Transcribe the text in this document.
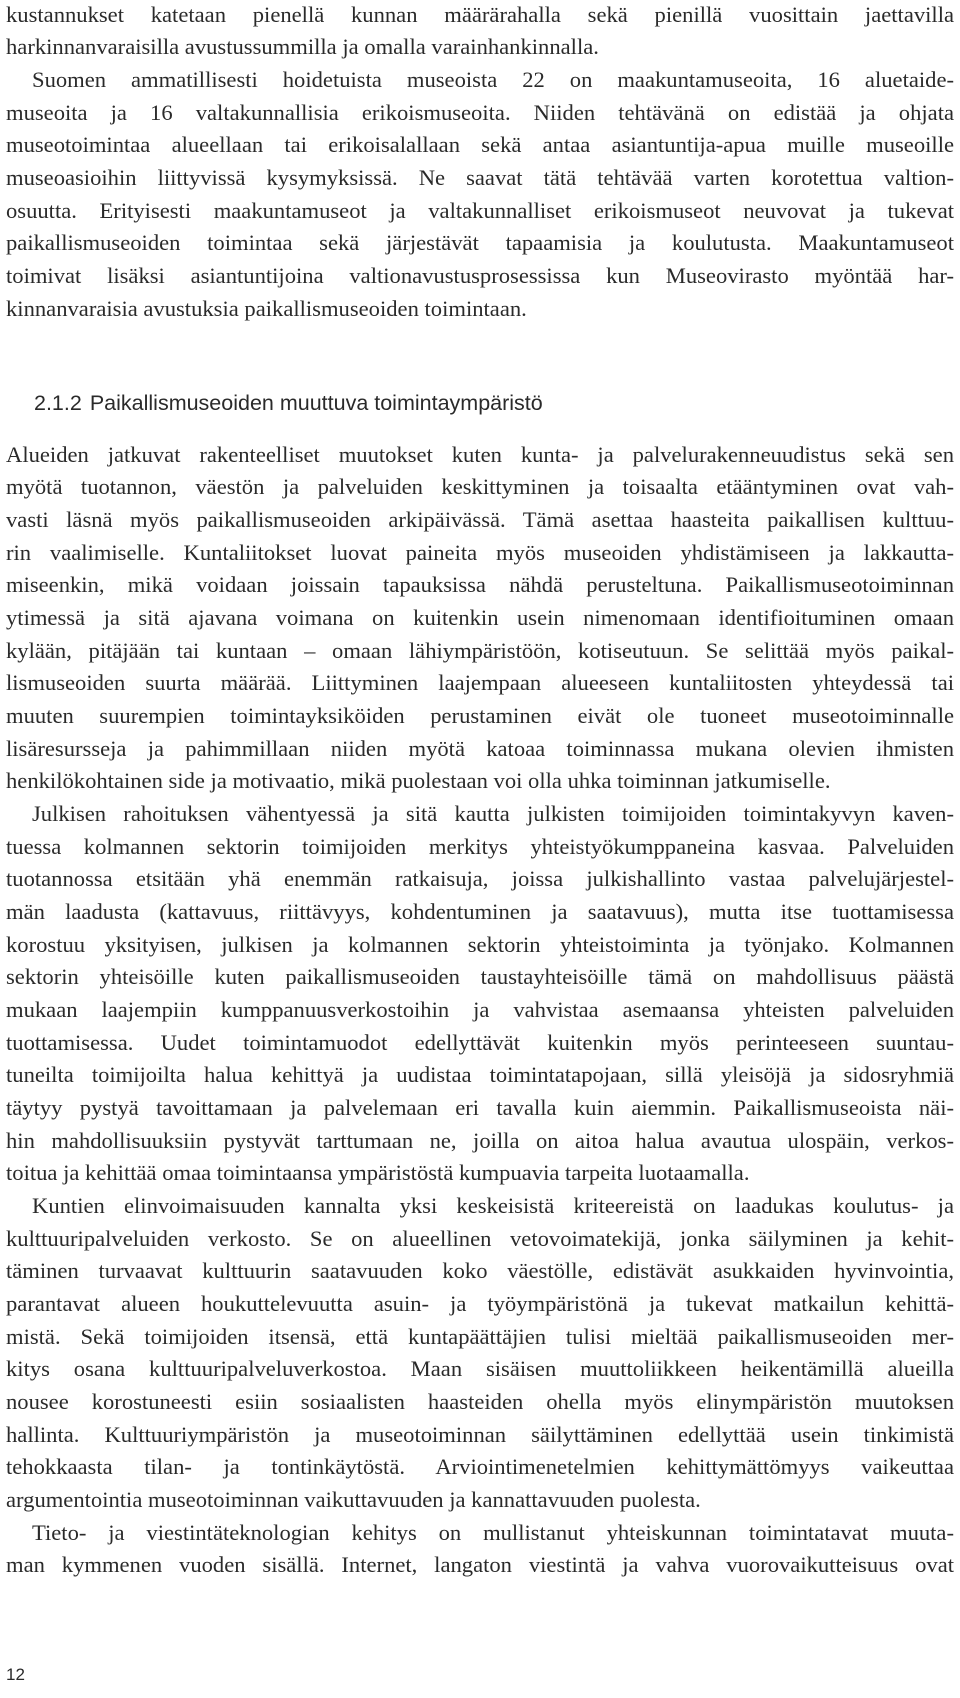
kustannukset katetaan pienellä kunnan määrärahalla sekä pienillä vuosittain jaettavilla
harkinnanvaraisilla avustussummilla ja omalla varainhankinnalla.
Suomen ammatillisesti hoidetuista museoista 22 on maakuntamuseoita, 16 aluetaide-
museoita ja 16 valtakunnallisia erikoismuseoita. Niiden tehtävänä on edistää ja ohjata
museotoimintaa alueellaan tai erikoisalallaan sekä antaa asiantuntija-apua muille museoille
museoasioihin liittyvissä kysymyksissä. Ne saavat tätä tehtävää varten korotettua valtion-
osuutta. Erityisesti maakuntamuseot ja valtakunnalliset erikoismuseot neuvovat ja tukevat
paikallismuseoiden toimintaa sekä järjestävät tapaamisia ja koulutusta. Maakuntamuseot
toimivat lisäksi asiantuntijoina valtionavustusprosessissa kun Museovirasto myöntää har-
kinnanvaraisia avustuksia paikallismuseoiden toimintaan.
2.1.2 Paikallismuseoiden muuttuva toimintaympäristö
Alueiden jatkuvat rakenteelliset muutokset kuten kunta- ja palvelurakenneuudistus sekä sen
myötä tuotannon, väestön ja palveluiden keskittyminen ja toisaalta etääntyminen ovat vah-
vasti läsnä myös paikallismuseoiden arkipäivässä. Tämä asettaa haasteita paikallisen kulttuu-
rin vaalimiselle. Kuntaliitokset luovat paineita myös museoiden yhdistämiseen ja lakkautta-
miseenkin, mikä voidaan joissain tapauksissa nähdä perusteltuna. Paikallismuseotoiminnan
ytimessä ja sitä ajavana voimana on kuitenkin usein nimenomaan identifioituminen omaan
kylään, pitäjään tai kuntaan – omaan lähiympäristöön, kotiseutuun. Se selittää myös paikal-
lismuseoiden suurta määrää. Liittyminen laajempaan alueeseen kuntaliitosten yhteydessä tai
muuten suurempien toimintayksiköiden perustaminen eivät ole tuoneet museotoiminnalle
lisäresursseja ja pahimmillaan niiden myötä katoaa toiminnassa mukana olevien ihmisten
henkilökohtainen side ja motivaatio, mikä puolestaan voi olla uhka toiminnan jatkumiselle.
Julkisen rahoituksen vähentyessä ja sitä kautta julkisten toimijoiden toimintakyvyn kaven-
tuessa kolmannen sektorin toimijoiden merkitys yhteistyökumppaneina kasvaa. Palveluiden
tuotannossa etsitään yhä enemmän ratkaisuja, joissa julkishallinto vastaa palvelujärjestel-
män laadusta (kattavuus, riittävyys, kohdentuminen ja saatavuus), mutta itse tuottamisessa
korostuu yksityisen, julkisen ja kolmannen sektorin yhteistoiminta ja työnjako. Kolmannen
sektorin yhteisöille kuten paikallismuseoiden taustayhteisöille tämä on mahdollisuus päästä
mukaan laajempiin kumppanuusverkostoihin ja vahvistaa asemaansa yhteisten palveluiden
tuottamisessa. Uudet toimintamuodot edellyttävät kuitenkin myös perinteeseen suuntau-
tuneilta toimijoilta halua kehittyä ja uudistaa toimintatapojaan, sillä yleisöjä ja sidosryhmiä
täytyy pystyä tavoittamaan ja palvelemaan eri tavalla kuin aiemmin. Paikallismuseoista näi-
hin mahdollisuuksiin pystyvät tarttumaan ne, joilla on aitoa halua avautua ulospäin, verkos-
toitua ja kehittää omaa toimintaansa ympäristöstä kumpuavia tarpeita luotaamalla.
Kuntien elinvoimaisuuden kannalta yksi keskeisistä kriteereistä on laadukas koulutus- ja
kulttuuripalveluiden verkosto. Se on alueellinen vetovoimatekijä, jonka säilyminen ja kehit-
täminen turvaavat kulttuurin saatavuuden koko väestölle, edistävät asukkaiden hyvinvointia,
parantavat alueen houkuttelevuutta asuin- ja työympäristönä ja tukevat matkailun kehittä-
mistä. Sekä toimijoiden itsensä, että kuntapäättäjien tulisi mieltää paikallismuseoiden mer-
kitys osana kulttuuripalveluverkostoa. Maan sisäisen muuttoliikkeen heikentämillä alueilla
nousee korostuneesti esiin sosiaalisten haasteiden ohella myös elinympäristön muutoksen
hallinta. Kulttuuriympäristön ja museotoiminnan säilyttäminen edellyttää usein tinkimistä
tehokkaasta tilan- ja tontinkäytöstä. Arviointimenetelmien kehittymättömyys vaikeuttaa
argumentointia museotoiminnan vaikuttavuuden ja kannattavuuden puolesta.
Tieto- ja viestintäteknologian kehitys on mullistanut yhteiskunnan toimintatavat muuta-
man kymmenen vuoden sisällä. Internet, langaton viestintä ja vahva vuorovaikutteisuus ovat
12
